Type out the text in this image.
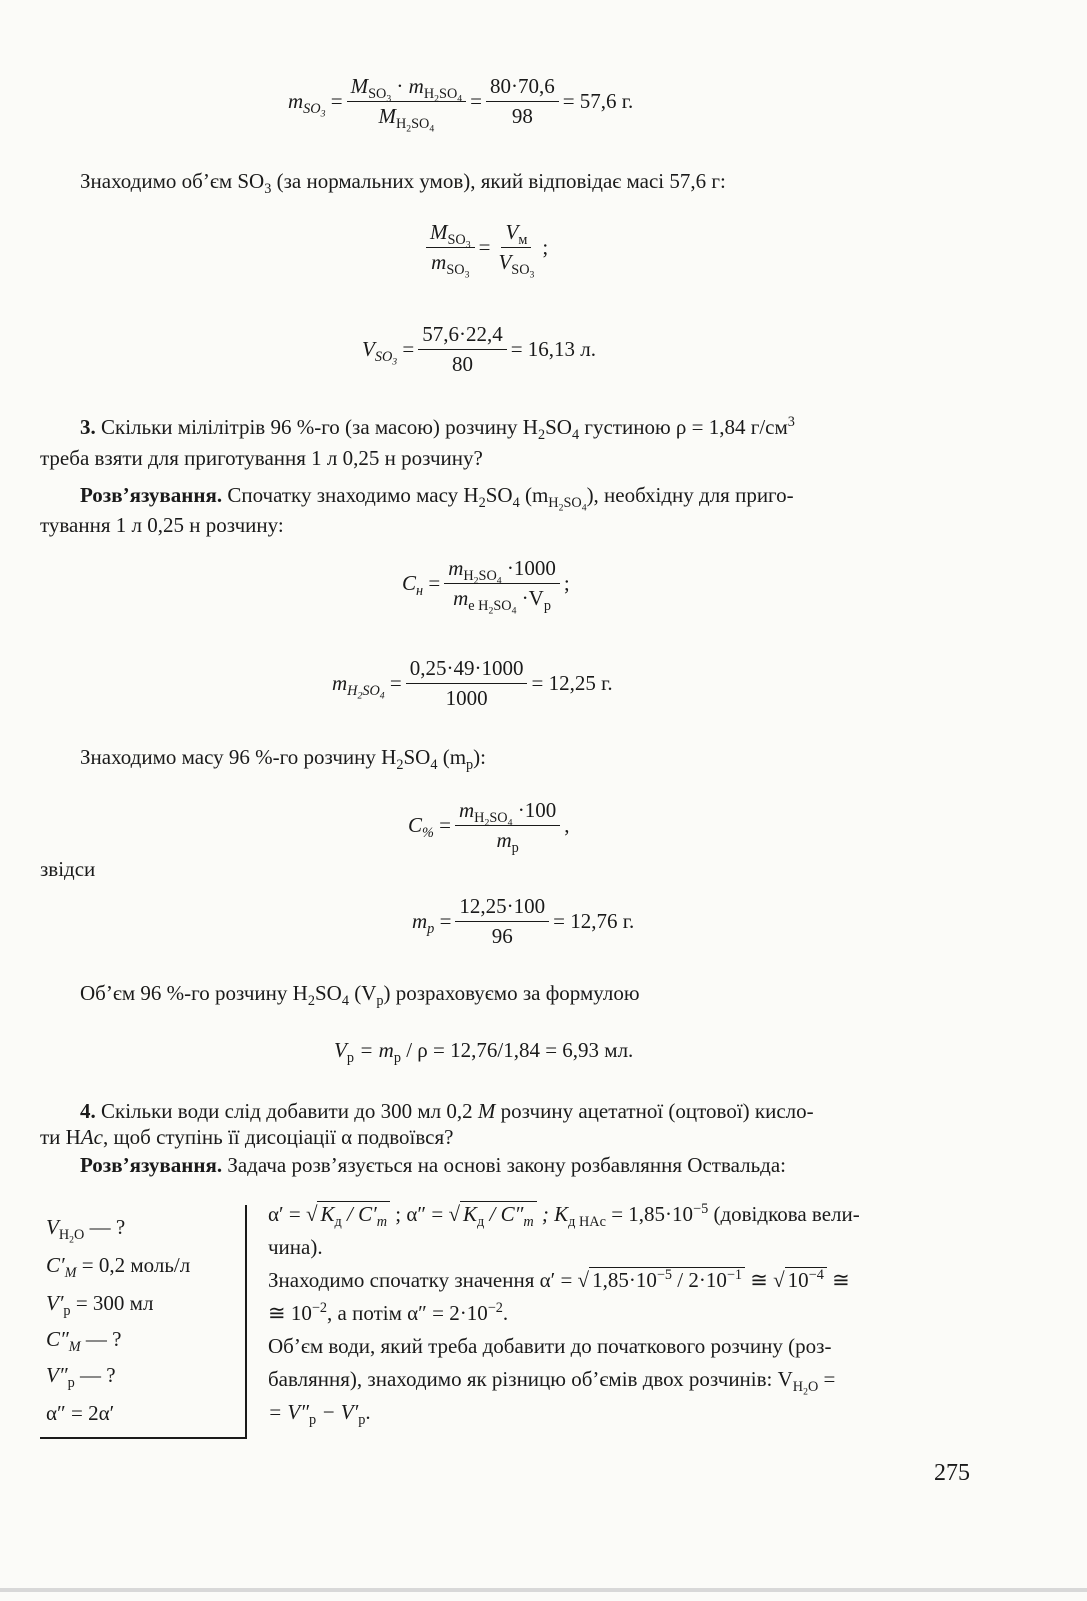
$m_{SO_3}$
= $\frac{M_{SO_3} \cdot m_{H_2SO_4}}{M_{H_2SO_4}} = \frac{80\cdot 70,6}{98} = 57,6$ г.
Знаходимо об’єм $SO_3$ (за нормальних умов), який відповідає масі 57,6 г:
$\frac{M_{SO_3}}{m_{SO_3}} = \frac{V_м}{V_{SO_3}}$ ;
$V_{SO_3}$
= $\frac{57,6\cdot 22,4}{80} = 16,13$ л.
3. Скільки мілілітрів 96 %-го (за масою) розчину $H_2SO_4$ густиною ρ = 1,84 $г/см^3$
треба взяти для приготування 1 л 0,25 н розчину?
Розв’язування. Спочатку знаходимо масу $H_2SO_4$ $(m_{H_2SO_4})$, необхідну для приго-
тування 1 л 0,25 н розчину:
$C_н = \frac{m_{H_2SO_4} \cdot 1000}{m_{е H_2SO_4} \cdot V_р}$ ;
$m_{H_2SO_4}$
= $\frac{0,25\cdot 49\cdot 1000}{1000} = 12,25$ г.
Знаходимо масу 96 %-го розчину $H_2SO_4$ $(m_р)$:
$C_{\%} = \frac{m_{H_2SO_4} \cdot 100}{m_р}$ ,
звідси
$m_р = \frac{12,25\cdot 100}{96} = 12,76$ г.
Об’єм 96 %-го розчину $H_2SO_4$ $(V_р)$ розраховуємо за формулою
$V_р = m_р / \rho = 12,76/1,84 = 6,93$ мл.
4. Скільки води слід добавити до 300 мл 0,2 M розчину ацетатної (оцтової) кисло-
ти HAc, щоб ступінь її дисоціації α подвоївся?
Розв’язування. Задача розв’язується на основі закону розбавляння Оствальда:
$V_{H_2O}$ — ?
$C'_M = 0,2$ моль/л
$V'_р = 300$ мл
$C''_M$ — ?
$V''_р$ — ?
α″ = 2α′
α′ = √ $K_д / C'_m$ ; α″ = √ $K_д / C''_m$ ; $K_{д HAc} = 1,85\cdot 10^{-5}$ (довідкова вели-
чина).
Знаходимо спочатку значення α′ = √ $1,85\cdot 10^{-5} / 2\cdot 10^{-1}$ ≅ √ $10^{-4}$ ≅
≅ $10^{-2}$, а потім $\alpha'' = 2\cdot 10^{-2}$.
Об’єм води, який треба добавити до початкового розчину (роз-
бавляння), знаходимо як різницю об’ємів двох розчинів: $V_{H_2O}$ =
= $V''_р - V'_р$.
275
